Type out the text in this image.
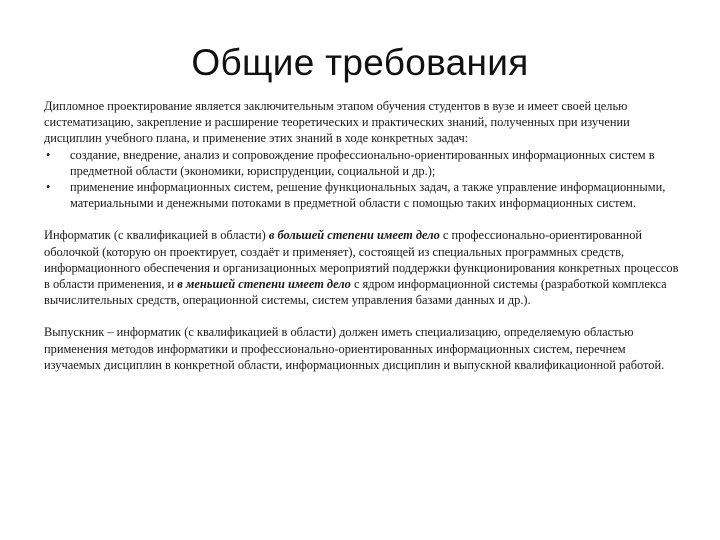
Общие требования

Дипломное проектирование является заключительным этапом обучения студентов в вузе и имеет своей целью систематизацию, закрепление и расширение теоретических и практических знаний, полученных при изучении дисциплин учебного плана, и применение этих знаний в ходе конкретных задач:

• создание, внедрение, анализ и сопровождение профессионально-ориентированных информационных систем в предметной области (экономики, юриспруденции, социальной и др.);
• применение информационных систем, решение функциональных задач, а также управление информационными, материальными и денежными потоками в предметной области с помощью таких информационных систем.

Информатик (с квалификацией в области) в большей степени имеет дело с профессионально-ориентированной оболочкой (которую он проектирует, создаёт и применяет), состоящей из специальных программных средств, информационного обеспечения и организационных мероприятий поддержки функционирования конкретных процессов в области применения, и в меньшей степени имеет дело с ядром информационной системы (разработкой комплекса вычислительных средств, операционной системы, систем управления базами данных и др.).

Выпускник – информатик (с квалификацией в области) должен иметь специализацию, определяемую областью применения методов информатики и профессионально-ориентированных информационных систем, перечнем изучаемых дисциплин в конкретной области, информационных дисциплин и выпускной квалификационной работой.
